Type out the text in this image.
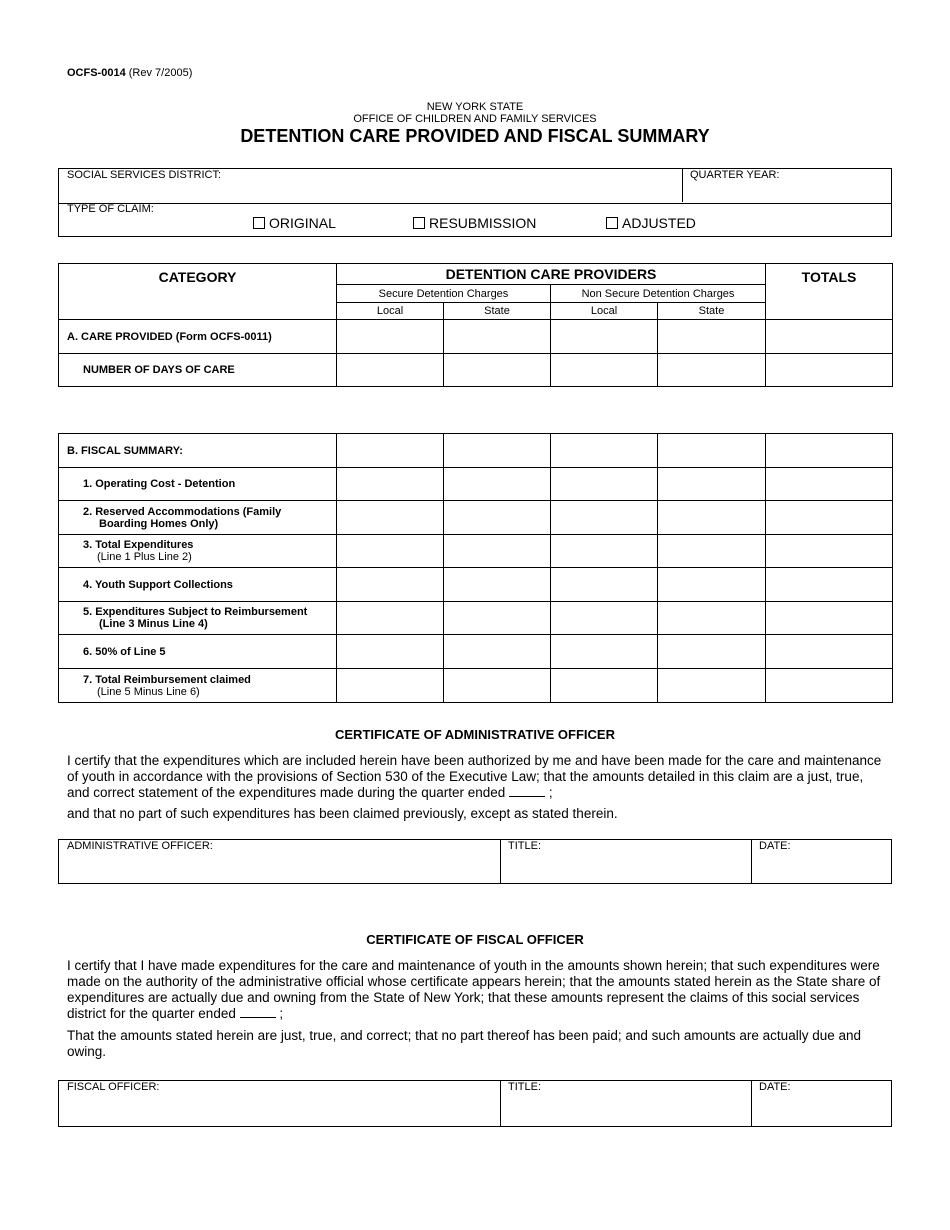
OCFS-0014 (Rev 7/2005)
NEW YORK STATE
OFFICE OF CHILDREN AND FAMILY SERVICES
DETENTION CARE PROVIDED AND FISCAL SUMMARY
SOCIAL SERVICES DISTRICT:	QUARTER YEAR:
TYPE OF CLAIM:
ORIGINAL	RESUBMISSION	ADJUSTED
CATEGORY	DETENTION CARE PROVIDERS				TOTALS
	Secure Detention Charges		Non Secure Detention Charges		
	Local	State	Local	State	
A. CARE PROVIDED (Form OCFS-0011)					
NUMBER OF DAYS OF CARE					
B. FISCAL SUMMARY:					
1. Operating Cost - Detention					
2. Reserved Accommodations (Family
Boarding Homes Only)					

3. Total Expenditures
(Line 1 Plus Line 2)					

4. Youth Support Collections					
5. Expenditures Subject to Reimbursement
(Line 3 Minus Line 4)					

6. 50% of Line 5					
7. Total Reimbursement claimed
(Line 5 Minus Line 6)					

CERTIFICATE OF ADMINISTRATIVE OFFICER
I certify that the expenditures which are included herein have been authorized by me and have been made for the care and maintenance of youth in accordance with the provisions of Section 530 of the Executive Law; that the amounts detailed in this claim are a just, true, and correct statement of the expenditures made during the quarter ended	;
and that no part of such expenditures has been claimed previously, except as stated therein.
ADMINISTRATIVE OFFICER:	TITLE:	DATE:
CERTIFICATE OF FISCAL OFFICER
I certify that I have made expenditures for the care and maintenance of youth in the amounts shown herein; that such expenditures were made on the authority of the administrative official whose certificate appears herein; that the amounts stated herein as the State share of expenditures are actually due and owning from the State of New York; that these amounts represent the claims of this social services district for the quarter ended	;
That the amounts stated herein are just, true, and correct; that no part thereof has been paid; and such amounts are actually due and owing.
FISCAL OFFICER:	TITLE:	DATE:
